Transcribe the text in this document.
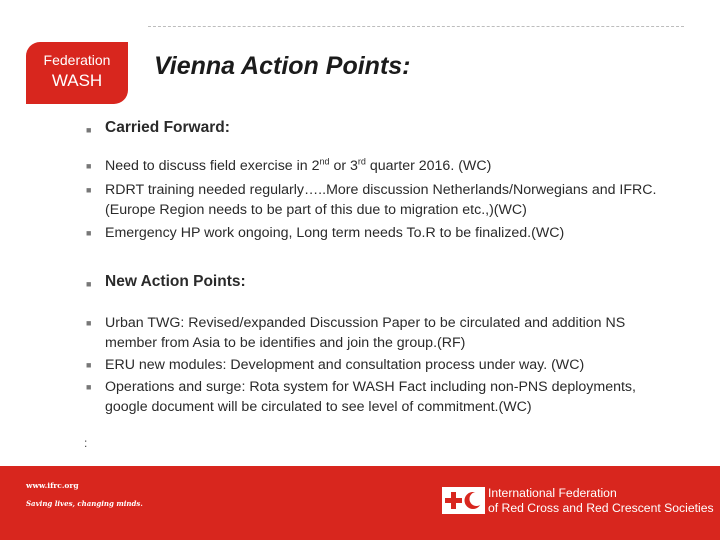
Federation
WASH
Vienna Action Points:
■ Carried Forward:
■ Need to discuss field exercise in 2nd or 3rd quarter 2016. (WC)
■ RDRT training needed regularly…..More discussion Netherlands/Norwegians and IFRC. (Europe Region needs to be part of this due to migration etc.,)(WC)
■ Emergency HP work ongoing, Long term needs To.R to be finalized.(WC)
■ New Action Points:
■ Urban TWG: Revised/expanded Discussion Paper to be circulated and addition NS member from Asia to be identifies and join the group.(RF)
■ ERU new modules: Development and consultation process under way. (WC)
■ Operations and surge: Rota system for WASH Fact including non-PNS deployments, google document will be circulated to see level of commitment.(WC)
:
www.ifrc.org
Saving lives, changing minds.
International Federation
of Red Cross and Red Crescent Societies
